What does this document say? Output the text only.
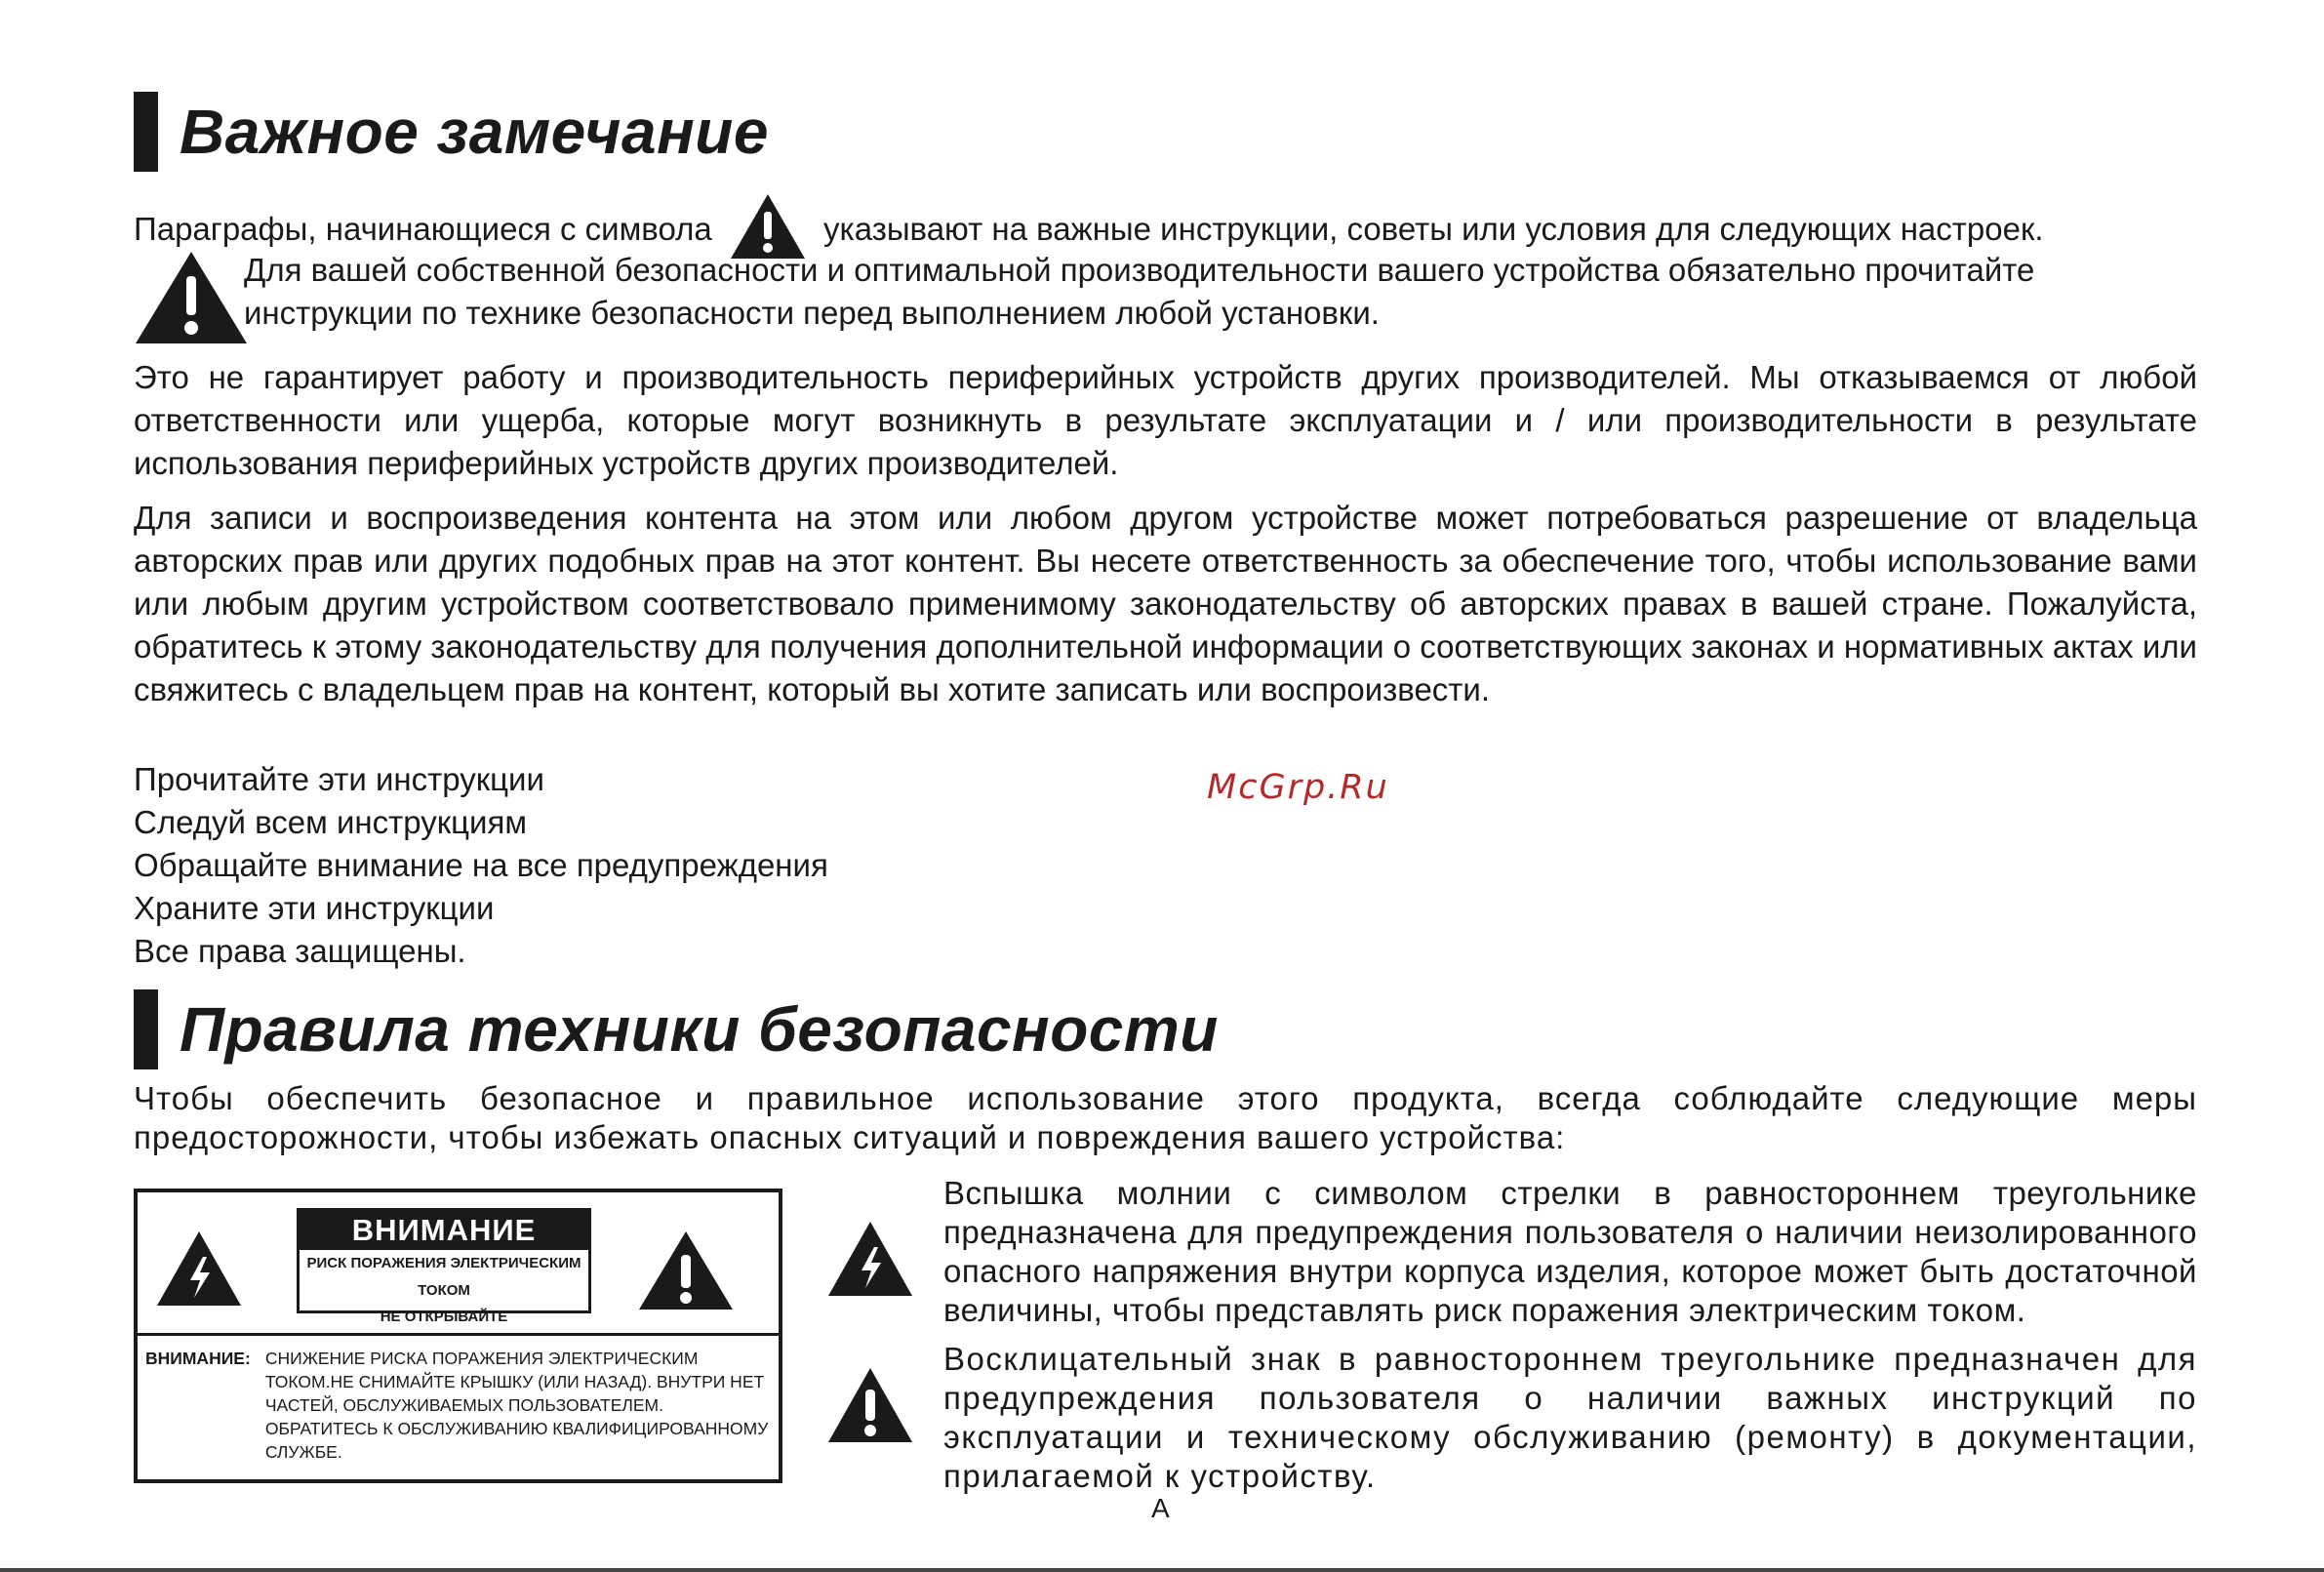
Важное замечание
Параграфы, начинающиеся с символа	указывают на важные инструкции, советы или условия для следующих настроек.
Для вашей собственной безопасности и оптимальной производительности вашего устройства обязательно прочитайте инструкции по технике безопасности перед выполнением любой установки.
Это не гарантирует работу и производительность периферийных устройств других производителей. Мы отказываемся от любой ответственности или ущерба, которые могут возникнуть в результате эксплуатации и / или производительности в результате использования периферийных устройств других производителей.
Для записи и воспроизведения контента на этом или любом другом устройстве может потребоваться разрешение от владельца авторских прав или других подобных прав на этот контент. Вы несете ответственность за обеспечение того, чтобы использование вами или любым другим устройством соответствовало применимому законодательству об авторских правах в вашей стране. Пожалуйста, обратитесь к этому законодательству для получения дополнительной информации о соответствующих законах и нормативных актах или свяжитесь с владельцем прав на контент, который вы хотите записать или воспроизвести.
Прочитайте эти инструкции
Следуй всем инструкциям
Обращайте внимание на все предупреждения
Храните эти инструкции
Все права защищены.
McGrp.Ru
Правила техники безопасности
Чтобы обеспечить безопасное и правильное использование этого продукта, всегда соблюдайте следующие меры предосторожности, чтобы избежать опасных ситуаций и повреждения вашего устройства:
ВНИМАНИЕ
РИСК ПОРАЖЕНИЯ ЭЛЕКТРИЧЕСКИМ ТОКОМ
НЕ ОТКРЫВАЙТЕ
ВНИМАНИЕ: СНИЖЕНИЕ РИСКА ПОРАЖЕНИЯ ЭЛЕКТРИЧЕСКИМ ТОКОМ.НЕ СНИМАЙТЕ КРЫШКУ (ИЛИ НАЗАД). ВНУТРИ НЕТ ЧАСТЕЙ, ОБСЛУЖИВАЕМЫХ ПОЛЬЗОВАТЕЛЕМ. ОБРАТИТЕСЬ К ОБСЛУЖИВАНИЮ КВАЛИФИЦИРОВАННОМУ СЛУЖБЕ.
Вспышка молнии с символом стрелки в равностороннем треугольнике предназначена для предупреждения пользователя о наличии неизолированного опасного напряжения внутри корпуса изделия, которое может быть достаточной величины, чтобы представлять риск поражения электрическим током.
Восклицательный знак в равностороннем треугольнике предназначен для предупреждения пользователя о наличии важных инструкций по эксплуатации и техническому обслуживанию (ремонту) в документации, прилагаемой к устройству.
A
